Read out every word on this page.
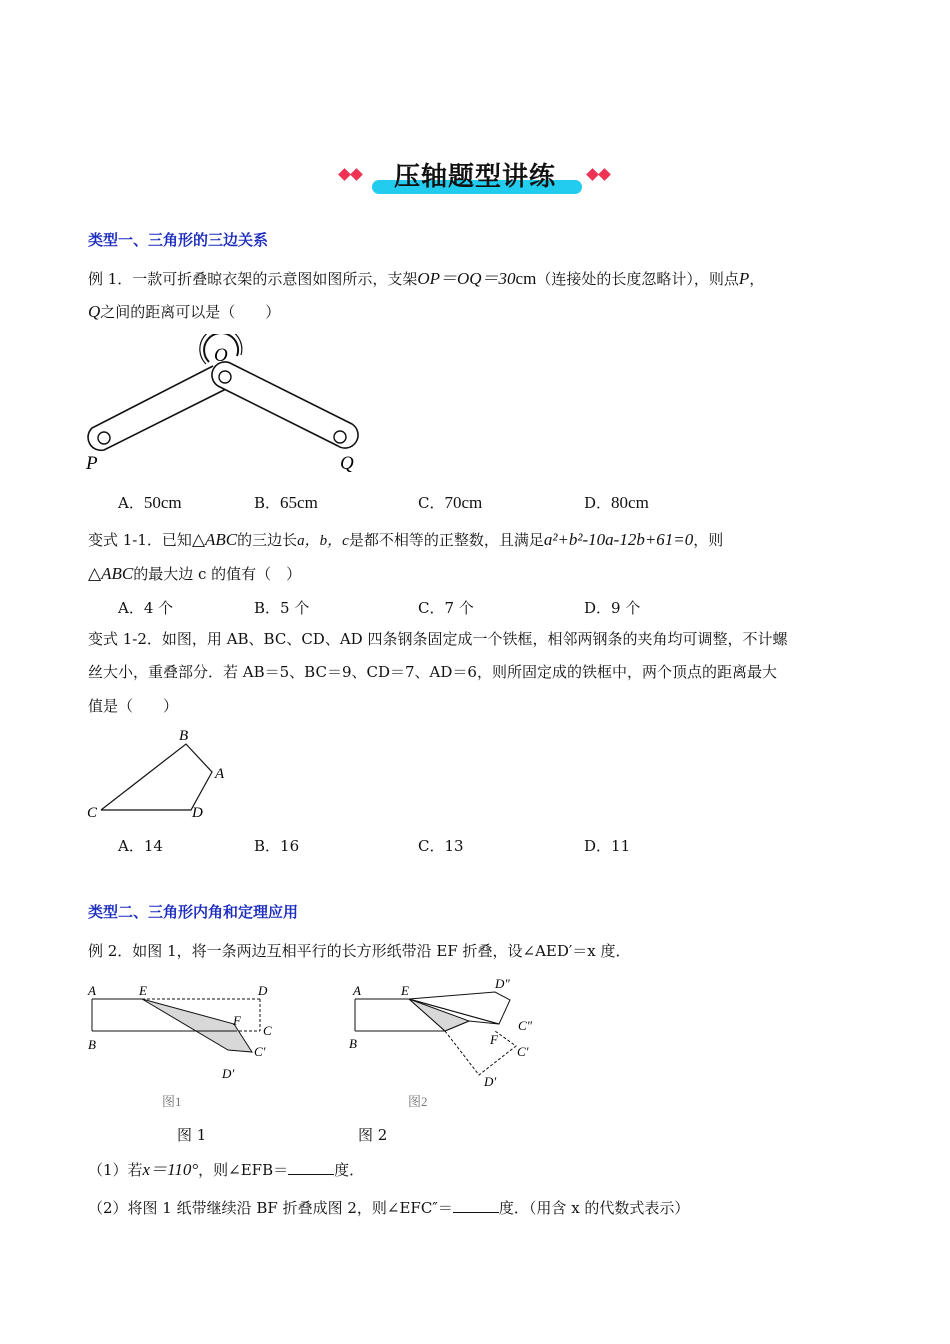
压轴题型讲练
类型一、三角形的三边关系
例 1．一款可折叠晾衣架的示意图如图所示，支架OP＝OQ＝30cm（连接处的长度忽略计），则点P，
Q之间的距离可以是（　　）
O
P	Q
A．50cm	B．65cm	C．70cm	D．80cm
变式 1-1．已知△ABC的三边长a，b，c是都不相等的正整数，且满足a²+b²-10a-12b+61=0，则
△ABC的最大边 c 的值有（　）
A．4 个	B．5 个	C．7 个	D．9 个
变式 1-2．如图，用 AB、BC、CD、AD 四条钢条固定成一个铁框，相邻两钢条的夹角均可调整，不计螺
丝大小，重叠部分．若 AB＝5、BC＝9、CD＝7、AD＝6，则所固定成的铁框中，两个顶点的距离最大
值是（　　）
B
A
C	D
A．14	B．16	C．13	D．11
类型二、三角形内角和定理应用
例 2．如图 1，将一条两边互相平行的长方形纸带沿 EF 折叠，设∠AED′＝x 度．
A	E	D
F
C
B	C′
D′
图1
A	E	D″
C″
B	F
C′
D′
图2
图 1	图 2
（1）若x＝110°，则∠EFB＝	度．
（2）将图 1 纸带继续沿 BF 折叠成图 2，则∠EFC″＝	度．（用含 x 的代数式表示）
